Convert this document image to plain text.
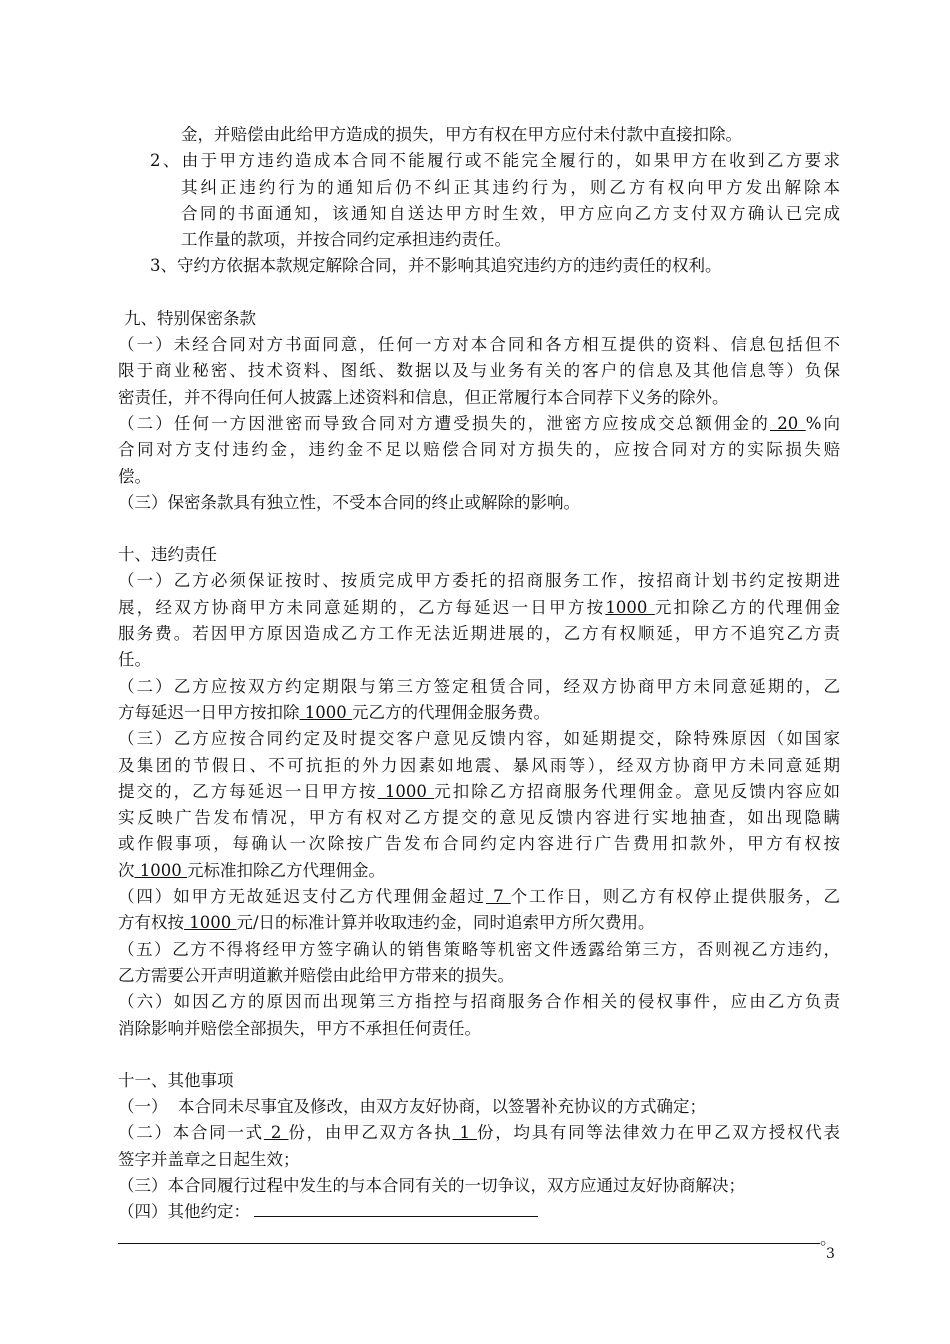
金，并赔偿由此给甲方造成的损失，甲方有权在甲方应付未付款中直接扣除。
2、由于甲方违约造成本合同不能履行或不能完全履行的，如果甲方在收到乙方要求
其纠正违约行为的通知后仍不纠正其违约行为，则乙方有权向甲方发出解除本
合同的书面通知，该通知自送达甲方时生效，甲方应向乙方支付双方确认已完成
工作量的款项，并按合同约定承担违约责任。
3、守约方依据本款规定解除合同，并不影响其追究违约方的违约责任的权利。
九、特别保密条款
（一）未经合同对方书面同意，任何一方对本合同和各方相互提供的资料、信息包括但不
限于商业秘密、技术资料、图纸、数据以及与业务有关的客户的信息及其他信息等）负保
密责任，并不得向任何人披露上述资料和信息，但正常履行本合同荐下义务的除外。
（二）任何一方因泄密而导致合同对方遭受损失的，泄密方应按成交总额佣金的 20 %向
合同对方支付违约金，违约金不足以赔偿合同对方损失的，应按合同对方的实际损失赔
偿。
（三）保密条款具有独立性，不受本合同的终止或解除的影响。
十、违约责任
（一）乙方必须保证按时、按质完成甲方委托的招商服务工作，按招商计划书约定按期进
展，经双方协商甲方未同意延期的，乙方每延迟一日甲方按1000 元扣除乙方的代理佣金
服务费。若因甲方原因造成乙方工作无法近期进展的，乙方有权顺延，甲方不追究乙方责
任。
（二）乙方应按双方约定期限与第三方签定租赁合同，经双方协商甲方未同意延期的，乙
方每延迟一日甲方按扣除 1000 元乙方的代理佣金服务费。
（三）乙方应按合同约定及时提交客户意见反馈内容，如延期提交，除特殊原因（如国家
及集团的节假日、不可抗拒的外力因素如地震、暴风雨等），经双方协商甲方未同意延期
提交的，乙方每延迟一日甲方按 1000 元扣除乙方招商服务代理佣金。意见反馈内容应如
实反映广告发布情况，甲方有权对乙方提交的意见反馈内容进行实地抽查，如出现隐瞒
或作假事项，每确认一次除按广告发布合同约定内容进行广告费用扣款外，甲方有权按
次 1000 元标准扣除乙方代理佣金。
（四）如甲方无故延迟支付乙方代理佣金超过 7 个工作日，则乙方有权停止提供服务，乙
方有权按 1000 元/日的标准计算并收取违约金，同时追索甲方所欠费用。
（五）乙方不得将经甲方签字确认的销售策略等机密文件透露给第三方，否则视乙方违约，
乙方需要公开声明道歉并赔偿由此给甲方带来的损失。
（六）如因乙方的原因而出现第三方指控与招商服务合作相关的侵权事件，应由乙方负责
消除影响并赔偿全部损失，甲方不承担任何责任。
十一、其他事项
（一）  本合同未尽事宜及修改，由双方友好协商，以签署补充协议的方式确定；
（二）本合同一式 2 份，由甲乙双方各执 1 份，均具有同等法律效力在甲乙双方授权代表
签字并盖章之日起生效；
（三）本合同履行过程中发生的与本合同有关的一切争议，双方应通过友好协商解决；
（四）其他约定：
。
3
